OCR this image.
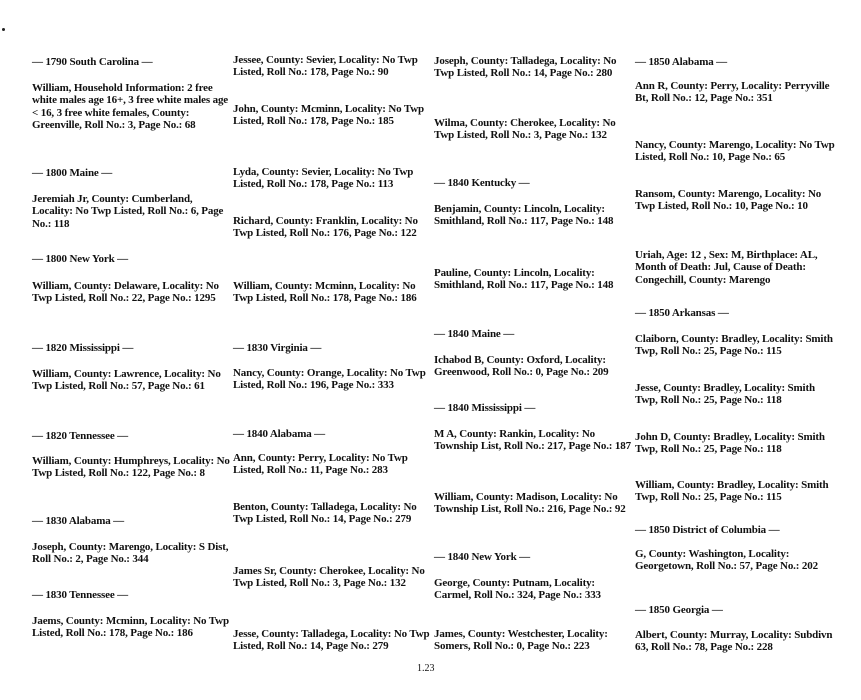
— 1790 South Carolina —

William, Household Information: 2 free white males age 16+, 3 free white males age < 16, 3 free white females, County: Greenville, Roll No.: 3, Page No.: 68

— 1800 Maine —

Jeremiah Jr, County: Cumberland, Locality: No Twp Listed, Roll No.: 6, Page No.: 118

— 1800 New York —

William, County: Delaware, Locality: No Twp Listed, Roll No.: 22, Page No.: 1295

— 1820 Mississippi —

William, County: Lawrence, Locality: No Twp Listed, Roll No.: 57, Page No.: 61

— 1820 Tennessee —

William, County: Humphreys, Locality: No Twp Listed, Roll No.: 122, Page No.: 8

— 1830 Alabama —

Joseph, County: Marengo, Locality: S Dist, Roll No.: 2, Page No.: 344

— 1830 Tennessee —

Jaems, County: Mcminn, Locality: No Twp Listed, Roll No.: 178, Page No.: 186

Jessee, County: Sevier, Locality: No Twp Listed, Roll No.: 178, Page No.: 90

John, County: Mcminn, Locality: No Twp Listed, Roll No.: 178, Page No.: 185

Lyda, County: Sevier, Locality: No Twp Listed, Roll No.: 178, Page No.: 113

Richard, County: Franklin, Locality: No Twp Listed, Roll No.: 176, Page No.: 122

William, County: Mcminn, Locality: No Twp Listed, Roll No.: 178, Page No.: 186

— 1830 Virginia —

Nancy, County: Orange, Locality: No Twp Listed, Roll No.: 196, Page No.: 333

— 1840 Alabama —

Ann, County: Perry, Locality: No Twp Listed, Roll No.: 11, Page No.: 283

Benton, County: Talladega, Locality: No Twp Listed, Roll No.: 14, Page No.: 279

James Sr, County: Cherokee, Locality: No Twp Listed, Roll No.: 3, Page No.: 132

Jesse, County: Talladega, Locality: No Twp Listed, Roll No.: 14, Page No.: 279

Joseph, County: Talladega, Locality: No Twp Listed, Roll No.: 14, Page No.: 280

Wilma, County: Cherokee, Locality: No Twp Listed, Roll No.: 3, Page No.: 132

— 1840 Kentucky —

Benjamin, County: Lincoln, Locality: Smithland, Roll No.: 117, Page No.: 148

Pauline, County: Lincoln, Locality: Smithland, Roll No.: 117, Page No.: 148

— 1840 Maine —

Ichabod B, County: Oxford, Locality: Greenwood, Roll No.: 0, Page No.: 209

— 1840 Mississippi —

M A, County: Rankin, Locality: No Township List, Roll No.: 217, Page No.: 187

William, County: Madison, Locality: No Township List, Roll No.: 216, Page No.: 92

— 1840 New York —

George, County: Putnam, Locality: Carmel, Roll No.: 324, Page No.: 333

James, County: Westchester, Locality: Somers, Roll No.: 0, Page No.: 223

— 1850 Alabama —

Ann R, County: Perry, Locality: Perryville Bt, Roll No.: 12, Page No.: 351

Nancy, County: Marengo, Locality: No Twp Listed, Roll No.: 10, Page No.: 65

Ransom, County: Marengo, Locality: No Twp Listed, Roll No.: 10, Page No.: 10

Uriah, Age: 12 , Sex: M, Birthplace: AL, Month of Death: Jul, Cause of Death: Congechill, County: Marengo

— 1850 Arkansas —

Claiborn, County: Bradley, Locality: Smith Twp, Roll No.: 25, Page No.: 115

Jesse, County: Bradley, Locality: Smith Twp, Roll No.: 25, Page No.: 118

John D, County: Bradley, Locality: Smith Twp, Roll No.: 25, Page No.: 118

William, County: Bradley, Locality: Smith Twp, Roll No.: 25, Page No.: 115

— 1850 District of Columbia —

G, County: Washington, Locality: Georgetown, Roll No.: 57, Page No.: 202

— 1850 Georgia —

Albert, County: Murray, Locality: Subdivn 63, Roll No.: 78, Page No.: 228

1.23
